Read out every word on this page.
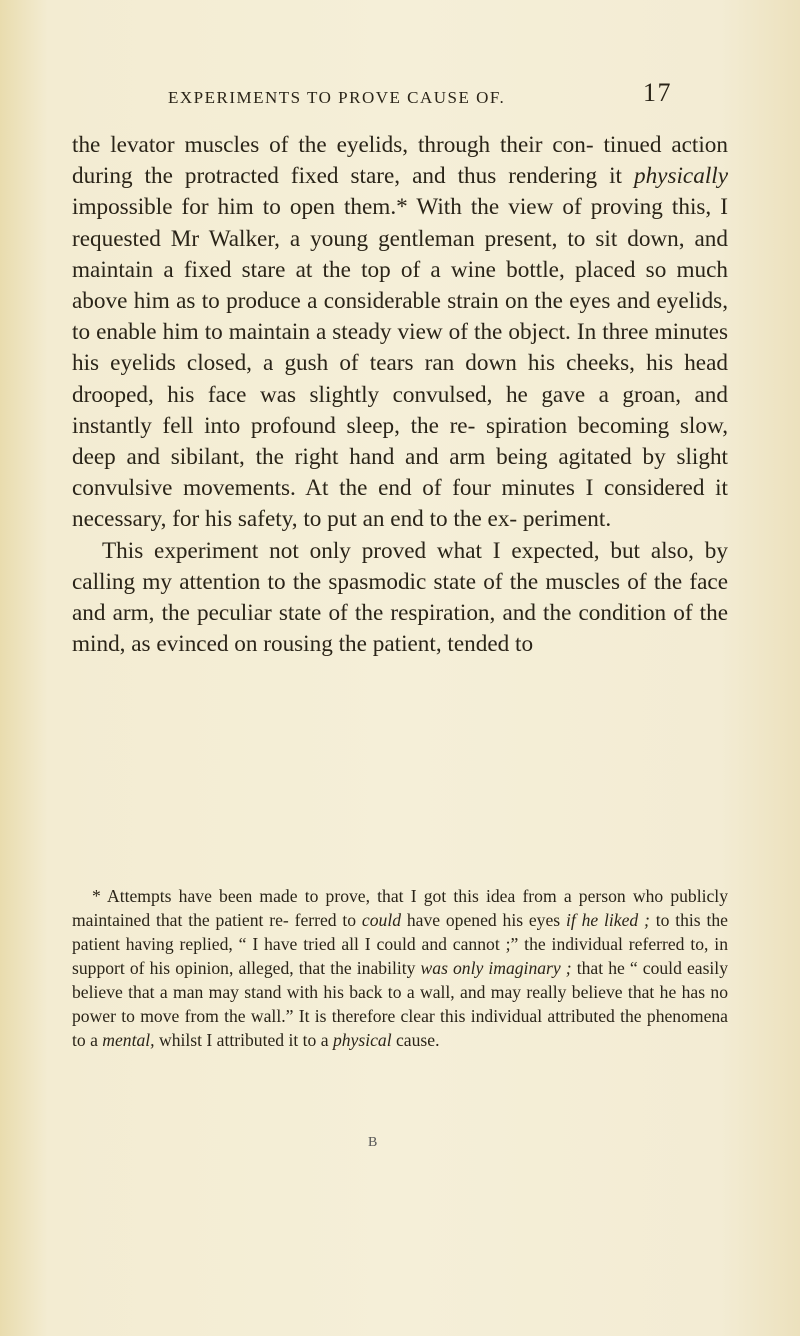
EXPERIMENTS TO PROVE CAUSE OF.	17

the levator muscles of the eyelids, through their con- tinued action during the protracted fixed stare, and thus rendering it physically impossible for him to open them.* With the view of proving this, I requested Mr Walker, a young gentleman present, to sit down, and maintain a fixed stare at the top of a wine bottle, placed so much above him as to produce a considerable strain on the eyes and eyelids, to enable him to maintain a steady view of the object. In three minutes his eyelids closed, a gush of tears ran down his cheeks, his head drooped, his face was slightly convulsed, he gave a groan, and instantly fell into profound sleep, the re- spiration becoming slow, deep and sibilant, the right hand and arm being agitated by slight convulsive movements. At the end of four minutes I considered it necessary, for his safety, to put an end to the ex- periment.

This experiment not only proved what I expected, but also, by calling my attention to the spasmodic state of the muscles of the face and arm, the peculiar state of the respiration, and the condition of the mind, as evinced on rousing the patient, tended to

* Attempts have been made to prove, that I got this idea from a person who publicly maintained that the patient re- ferred to could have opened his eyes if he liked ; to this the patient having replied, “ I have tried all I could and cannot ;” the individual referred to, in support of his opinion, alleged, that the inability was only imaginary ; that he “ could easily believe that a man may stand with his back to a wall, and may really believe that he has no power to move from the wall.” It is therefore clear this individual attributed the phenomena to a mental, whilst I attributed it to a physical cause.

B
